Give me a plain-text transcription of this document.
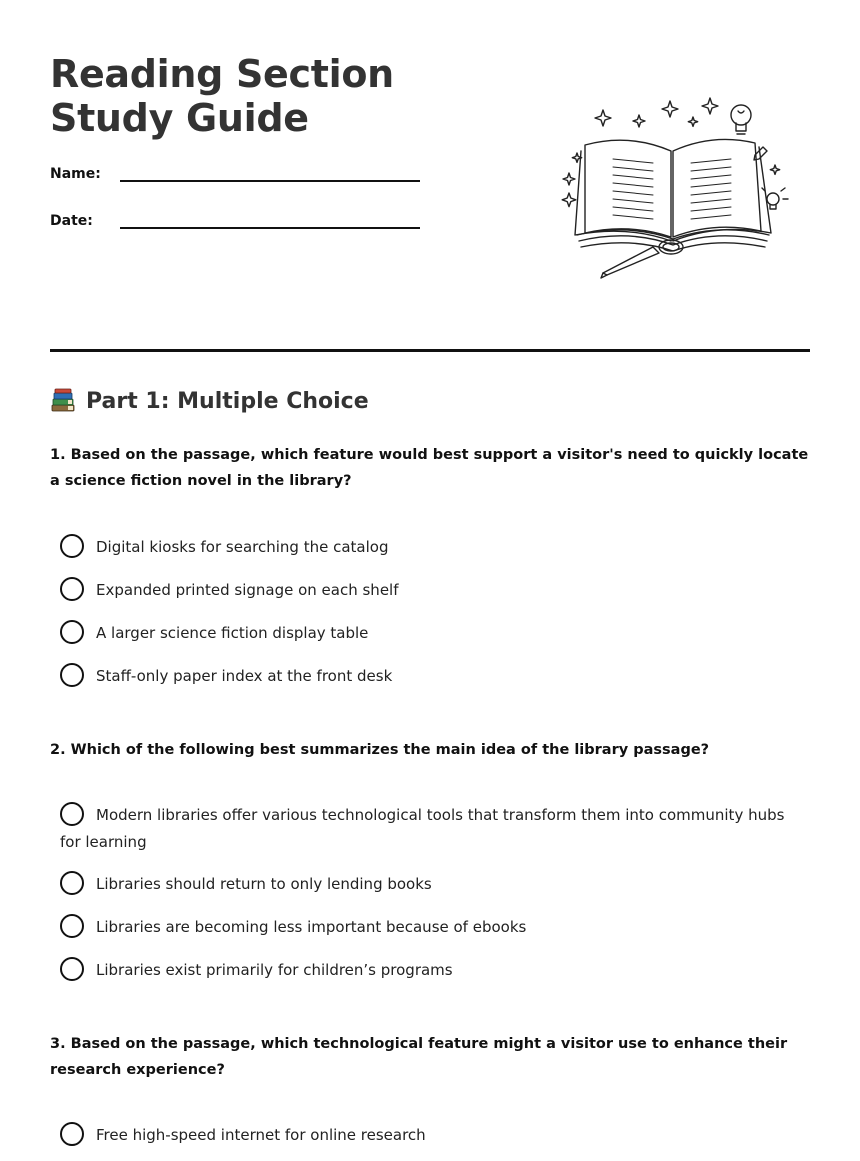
Reading Section Study Guide
Name:
Date:
Part 1: Multiple Choice

1. Based on the passage, which feature would best support a visitor's need to quickly locate a science fiction novel in the library?

Digital kiosks for searching the catalog
Expanded printed signage on each shelf
A larger science fiction display table
Staff-only paper index at the front desk

2. Which of the following best summarizes the main idea of the library passage?

Modern libraries offer various technological tools that transform them into community hubs for learning
Libraries should return to only lending books
Libraries are becoming less important because of ebooks
Libraries exist primarily for children’s programs

3. Based on the passage, which technological feature might a visitor use to enhance their research experience?

Free high-speed internet for online research
